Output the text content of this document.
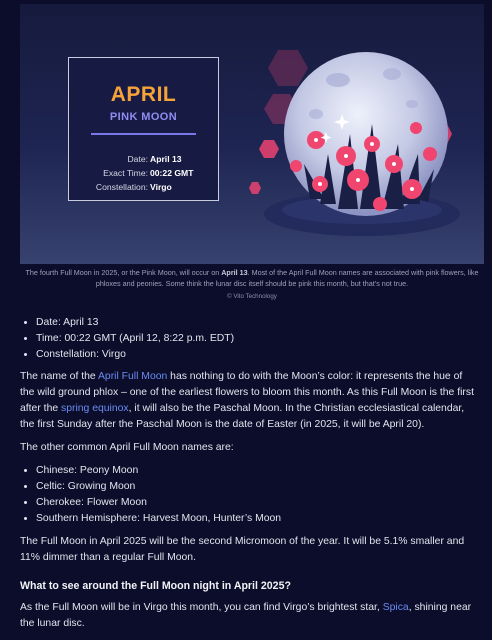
APRIL
PINK MOON
Date: April 13
Exact Time: 00:22 GMT
Constellation: Virgo
The fourth Full Moon in 2025, or the Pink Moon, will occur on April 13. Most of the April Full Moon names are associated with pink flowers, like phloxes and peonies. Some think the lunar disc itself should be pink this month, but that’s not true.
© Vito Technology
• Date: April 13
• Time: 00:22 GMT (April 12, 8:22 p.m. EDT)
• Constellation: Virgo

The name of the April Full Moon has nothing to do with the Moon’s color: it represents the hue of the wild ground phlox – one of the earliest flowers to bloom this month. As this Full Moon is the first after the spring equinox, it will also be the Paschal Moon. In the Christian ecclesiastical calendar, the first Sunday after the Paschal Moon is the date of Easter (in 2025, it will be April 20).

The other common April Full Moon names are:

• Chinese: Peony Moon
• Celtic: Growing Moon
• Cherokee: Flower Moon
• Southern Hemisphere: Harvest Moon, Hunter’s Moon

The Full Moon in April 2025 will be the second Micromoon of the year. It will be 5.1% smaller and 11% dimmer than a regular Full Moon.

What to see around the Full Moon night in April 2025?

As the Full Moon will be in Virgo this month, you can find Virgo’s brightest star, Spica, shining near the lunar disc.
